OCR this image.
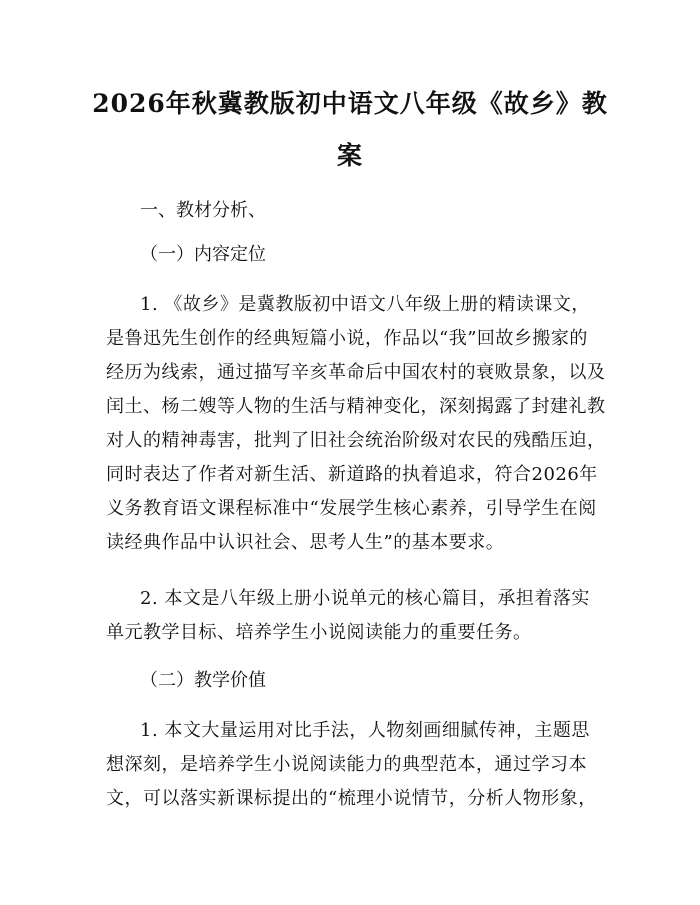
2026年秋冀教版初中语文八年级《故乡》教
案
一、教材分析、
（一）内容定位
1. 《故乡》是冀教版初中语文八年级上册的精读课文，
是鲁迅先生创作的经典短篇小说，作品以“我”回故乡搬家的
经历为线索，通过描写辛亥革命后中国农村的衰败景象，以及
闰土、杨二嫂等人物的生活与精神变化，深刻揭露了封建礼教
对人的精神毒害，批判了旧社会统治阶级对农民的残酷压迫，
同时表达了作者对新生活、新道路的执着追求，符合2026年
义务教育语文课程标准中“发展学生核心素养，引导学生在阅
读经典作品中认识社会、思考人生”的基本要求。
2. 本文是八年级上册小说单元的核心篇目，承担着落实
单元教学目标、培养学生小说阅读能力的重要任务。
（二）教学价值
1. 本文大量运用对比手法，人物刻画细腻传神，主题思
想深刻，是培养学生小说阅读能力的典型范本，通过学习本
文，可以落实新课标提出的“梳理小说情节，分析人物形象，
